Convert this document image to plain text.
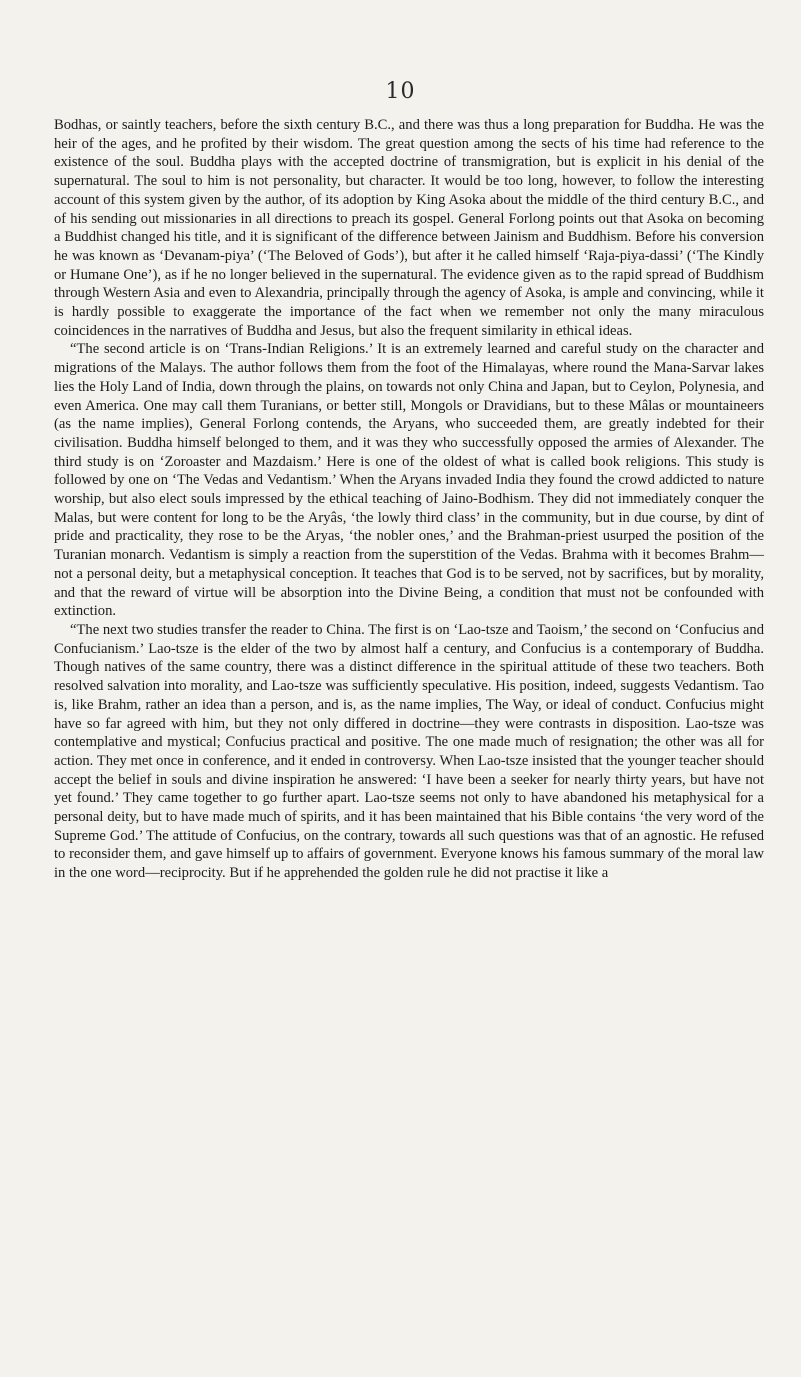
10

Bodhas, or saintly teachers, before the sixth century B.C., and there was thus a long preparation for Buddha. He was the heir of the ages, and he profited by their wisdom. The great question among the sects of his time had reference to the existence of the soul. Buddha plays with the accepted doctrine of transmigration, but is explicit in his denial of the supernatural. The soul to him is not personality, but character. It would be too long, however, to follow the interesting account of this system given by the author, of its adoption by King Asoka about the middle of the third century B.C., and of his sending out missionaries in all directions to preach its gospel. General Forlong points out that Asoka on becoming a Buddhist changed his title, and it is significant of the difference between Jainism and Buddhism. Before his conversion he was known as ‘Devanam-piya’ (‘The Beloved of Gods’), but after it he called himself ‘Raja-piya-dassi’ (‘The Kindly or Humane One’), as if he no longer believed in the supernatural. The evidence given as to the rapid spread of Buddhism through Western Asia and even to Alexandria, principally through the agency of Asoka, is ample and convincing, while it is hardly possible to exaggerate the importance of the fact when we remember not only the many miraculous coincidences in the narratives of Buddha and Jesus, but also the frequent similarity in ethical ideas.

“The second article is on ‘Trans-Indian Religions.’ It is an extremely learned and careful study on the character and migrations of the Malays. The author follows them from the foot of the Himalayas, where round the Mana-Sarvar lakes lies the Holy Land of India, down through the plains, on towards not only China and Japan, but to Ceylon, Polynesia, and even America. One may call them Turanians, or better still, Mongols or Dravidians, but to these Mâlas or mountaineers (as the name implies), General Forlong contends, the Aryans, who succeeded them, are greatly indebted for their civilisation. Buddha himself belonged to them, and it was they who successfully opposed the armies of Alexander. The third study is on ‘Zoroaster and Mazdaism.’ Here is one of the oldest of what is called book religions. This study is followed by one on ‘The Vedas and Vedantism.’ When the Aryans invaded India they found the crowd addicted to nature worship, but also elect souls impressed by the ethical teaching of Jaino-Bodhism. They did not immediately conquer the Malas, but were content for long to be the Aryâs, ‘the lowly third class’ in the community, but in due course, by dint of pride and practicality, they rose to be the Aryas, ‘the nobler ones,’ and the Brahman-priest usurped the position of the Turanian monarch. Vedantism is simply a reaction from the superstition of the Vedas. Brahma with it becomes Brahm—not a personal deity, but a metaphysical conception. It teaches that God is to be served, not by sacrifices, but by morality, and that the reward of virtue will be absorption into the Divine Being, a condition that must not be confounded with extinction.

“The next two studies transfer the reader to China. The first is on ‘Lao-tsze and Taoism,’ the second on ‘Confucius and Confucianism.’ Lao-tsze is the elder of the two by almost half a century, and Confucius is a contemporary of Buddha. Though natives of the same country, there was a distinct difference in the spiritual attitude of these two teachers. Both resolved salvation into morality, and Lao-tsze was sufficiently speculative. His position, indeed, suggests Vedantism. Tao is, like Brahm, rather an idea than a person, and is, as the name implies, The Way, or ideal of conduct. Confucius might have so far agreed with him, but they not only differed in doctrine—they were contrasts in disposition. Lao-tsze was contemplative and mystical; Confucius practical and positive. The one made much of resignation; the other was all for action. They met once in conference, and it ended in controversy. When Lao-tsze insisted that the younger teacher should accept the belief in souls and divine inspiration he answered: ‘I have been a seeker for nearly thirty years, but have not yet found.’ They came together to go further apart. Lao-tsze seems not only to have abandoned his metaphysical for a personal deity, but to have made much of spirits, and it has been maintained that his Bible contains ‘the very word of the Supreme God.’ The attitude of Confucius, on the contrary, towards all such questions was that of an agnostic. He refused to reconsider them, and gave himself up to affairs of government. Everyone knows his famous summary of the moral law in the one word—reciprocity. But if he apprehended the golden rule he did not practise it like a
